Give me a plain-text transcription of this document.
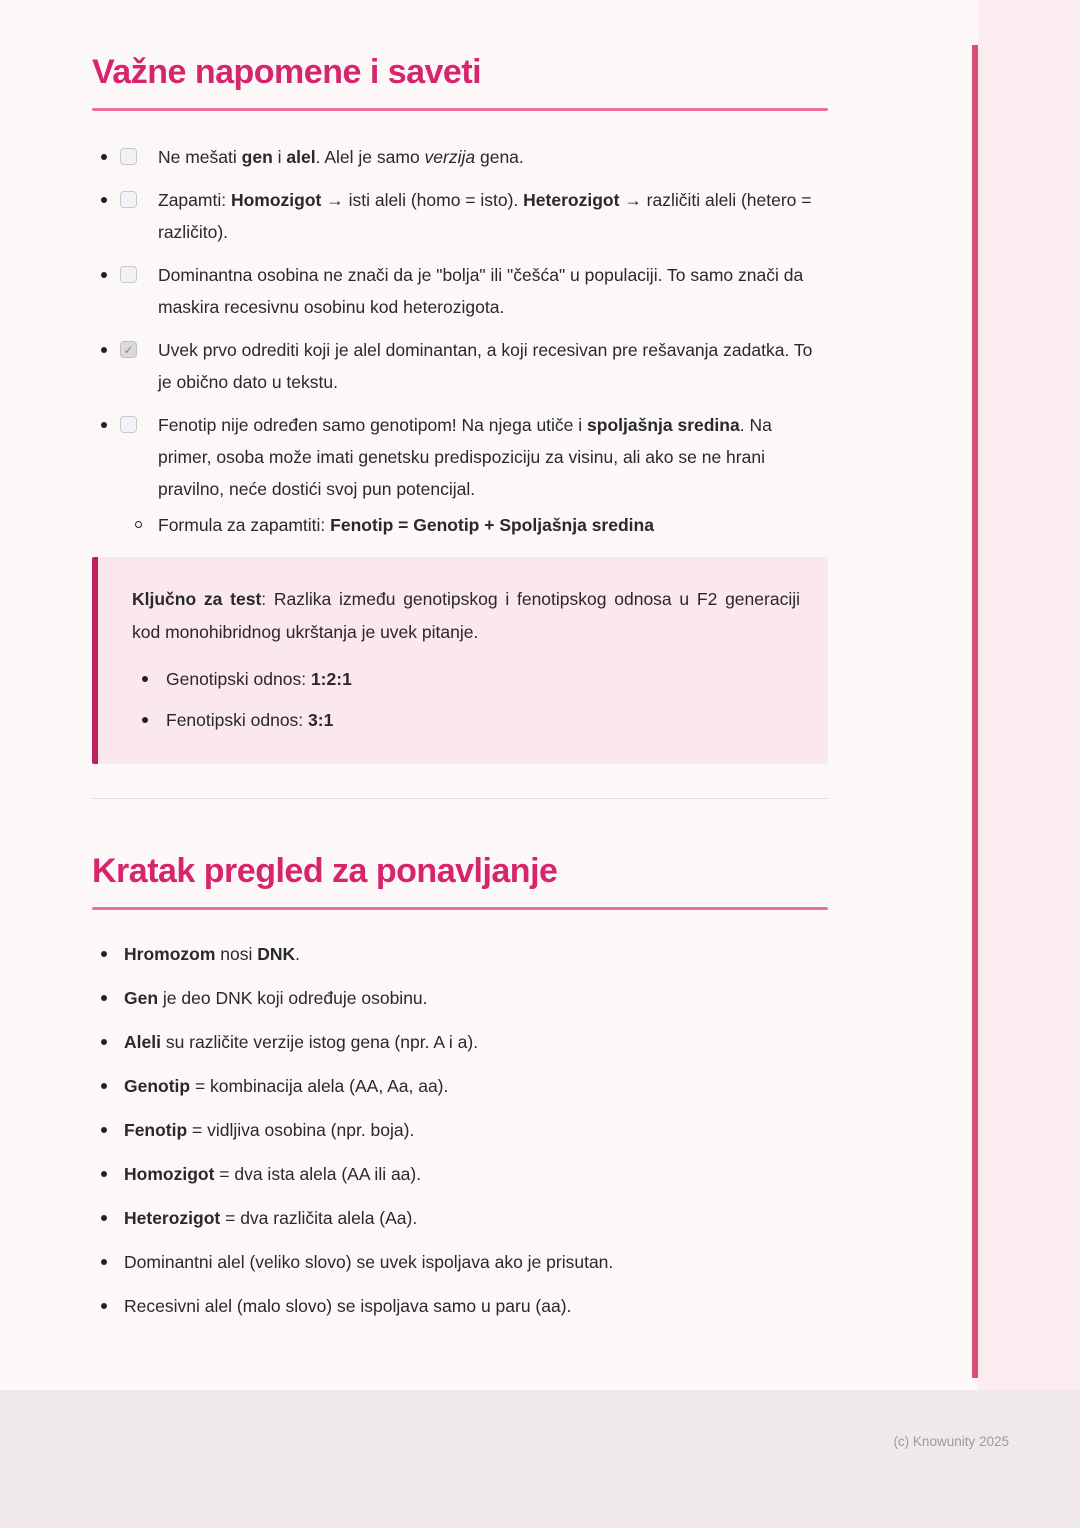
Važne napomene i saveti
Ne mešati gen i alel. Alel je samo verzija gena.
Zapamti: Homozigot → isti aleli (homo = isto). Heterozigot → različiti aleli (hetero = različito).
Dominantna osobina ne znači da je "bolja" ili "češća" u populaciji. To samo znači da maskira recesivnu osobinu kod heterozigota.
✓ Uvek prvo odrediti koji je alel dominantan, a koji recesivan pre rešavanja zadatka. To je obično dato u tekstu.
Fenotip nije određen samo genotipom! Na njega utiče i spoljašnja sredina. Na primer, osoba može imati genetsku predispoziciju za visinu, ali ako se ne hrani pravilno, neće dostići svoj pun potencijal.
Formula za zapamtiti: Fenotip = Genotip + Spoljašnja sredina

Ključno za test: Razlika između genotipskog i fenotipskog odnosa u F2 generaciji kod monohibridnog ukrštanja je uvek pitanje.

Genotipski odnos: 1:2:1
Fenotipski odnos: 3:1
Kratak pregled za ponavljanje
Hromozom nosi DNK.
Gen je deo DNK koji određuje osobinu.
Aleli su različite verzije istog gena (npr. A i a).
Genotip = kombinacija alela (AA, Aa, aa).
Fenotip = vidljiva osobina (npr. boja).
Homozigot = dva ista alela (AA ili aa).
Heterozigot = dva različita alela (Aa).
Dominantni alel (veliko slovo) se uvek ispoljava ako je prisutan.
Recesivni alel (malo slovo) se ispoljava samo u paru (aa).
(c) Knowunity 2025
